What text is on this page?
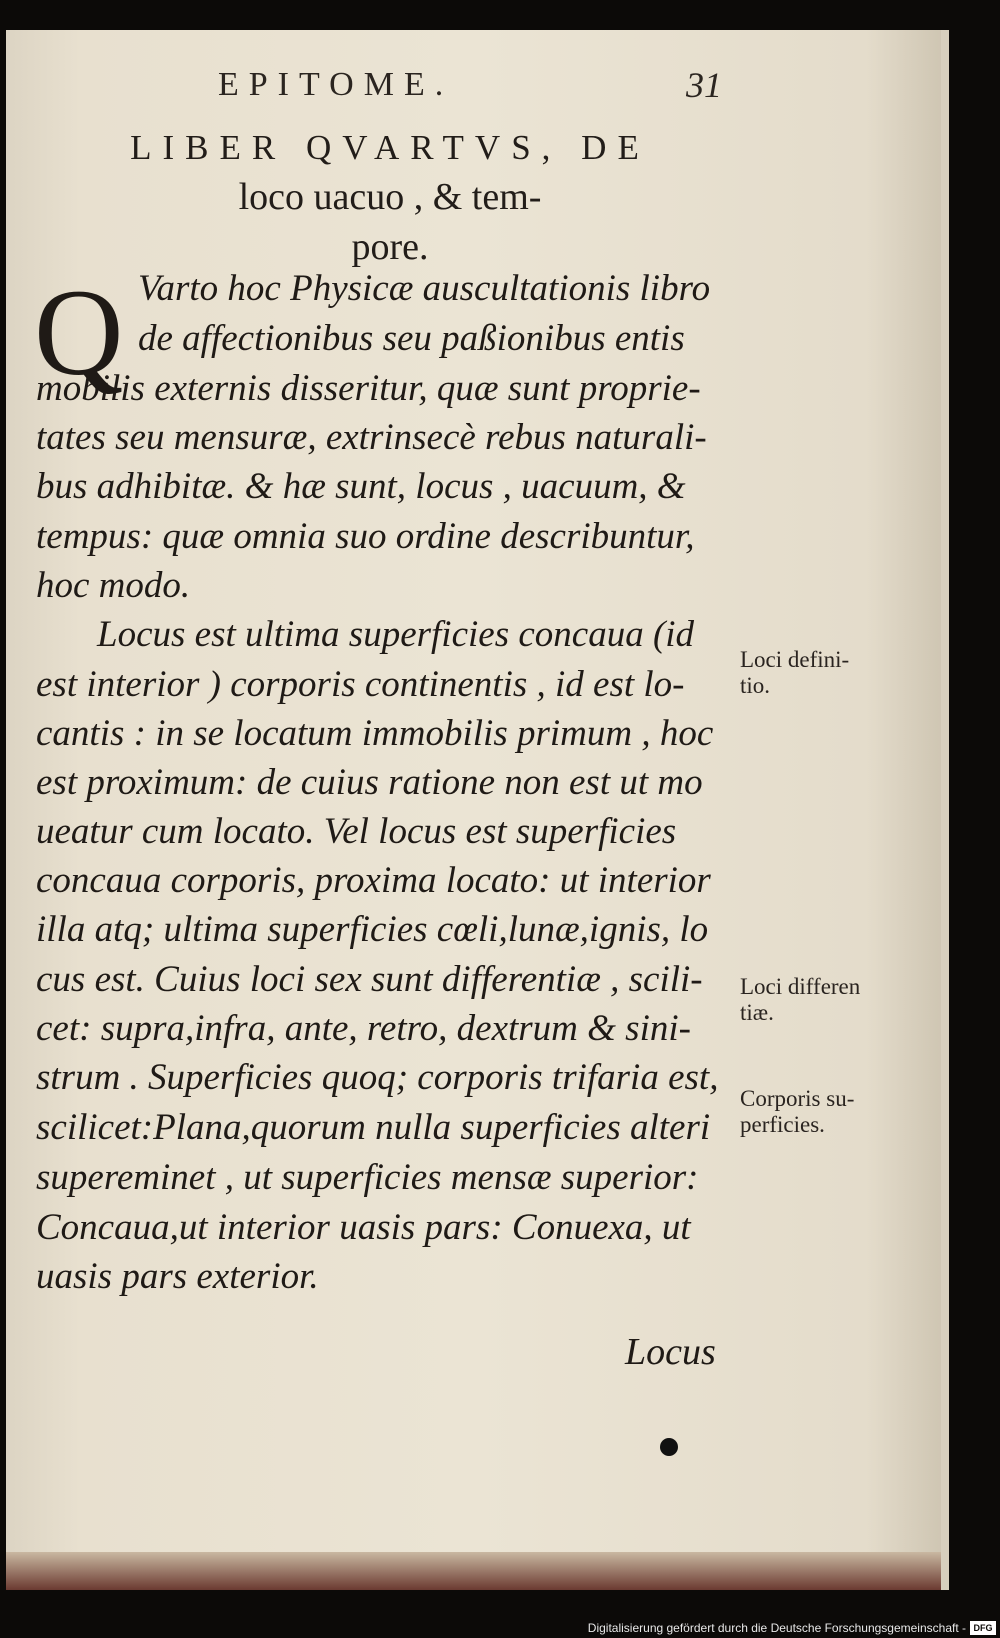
EPITOME.	31
LIBER QVARTVS, DE
loco uacuo , & tem-
pore.
Q Varto hoc Physicæ auscultationis libro
de affectionibus seu paßionibus entis
mobilis externis disseritur, quæ sunt proprie-
tates seu mensuræ, extrinsecè rebus naturali-
bus adhibitæ. & hæ sunt, locus , uacuum, &
tempus: quæ omnia suo ordine describuntur,
hoc modo.
Locus est ultima superficies concaua (id
est interior ) corporis continentis , id est lo-
cantis : in se locatum immobilis primum , hoc
est proximum: de cuius ratione non est ut mo
ueatur cum locato. Vel locus est superficies
concaua corporis, proxima locato: ut interior
illa atq; ultima superficies cœli,lunæ,ignis, lo
cus est. Cuius loci sex sunt differentiæ , scili-
cet: supra,infra, ante, retro, dextrum & sini-
strum . Superficies quoq; corporis trifaria est,
scilicet:Plana,quorum nulla superficies alteri
supereminet , ut superficies mensæ superior:
Concaua,ut interior uasis pars: Conuexa, ut
uasis pars exterior.
Loci defini-
tio.
Loci differen
tiæ.
Corporis su-
perficies.
Locus
Digitalisierung gefördert durch die Deutsche Forschungsgemeinschaft - DFG
